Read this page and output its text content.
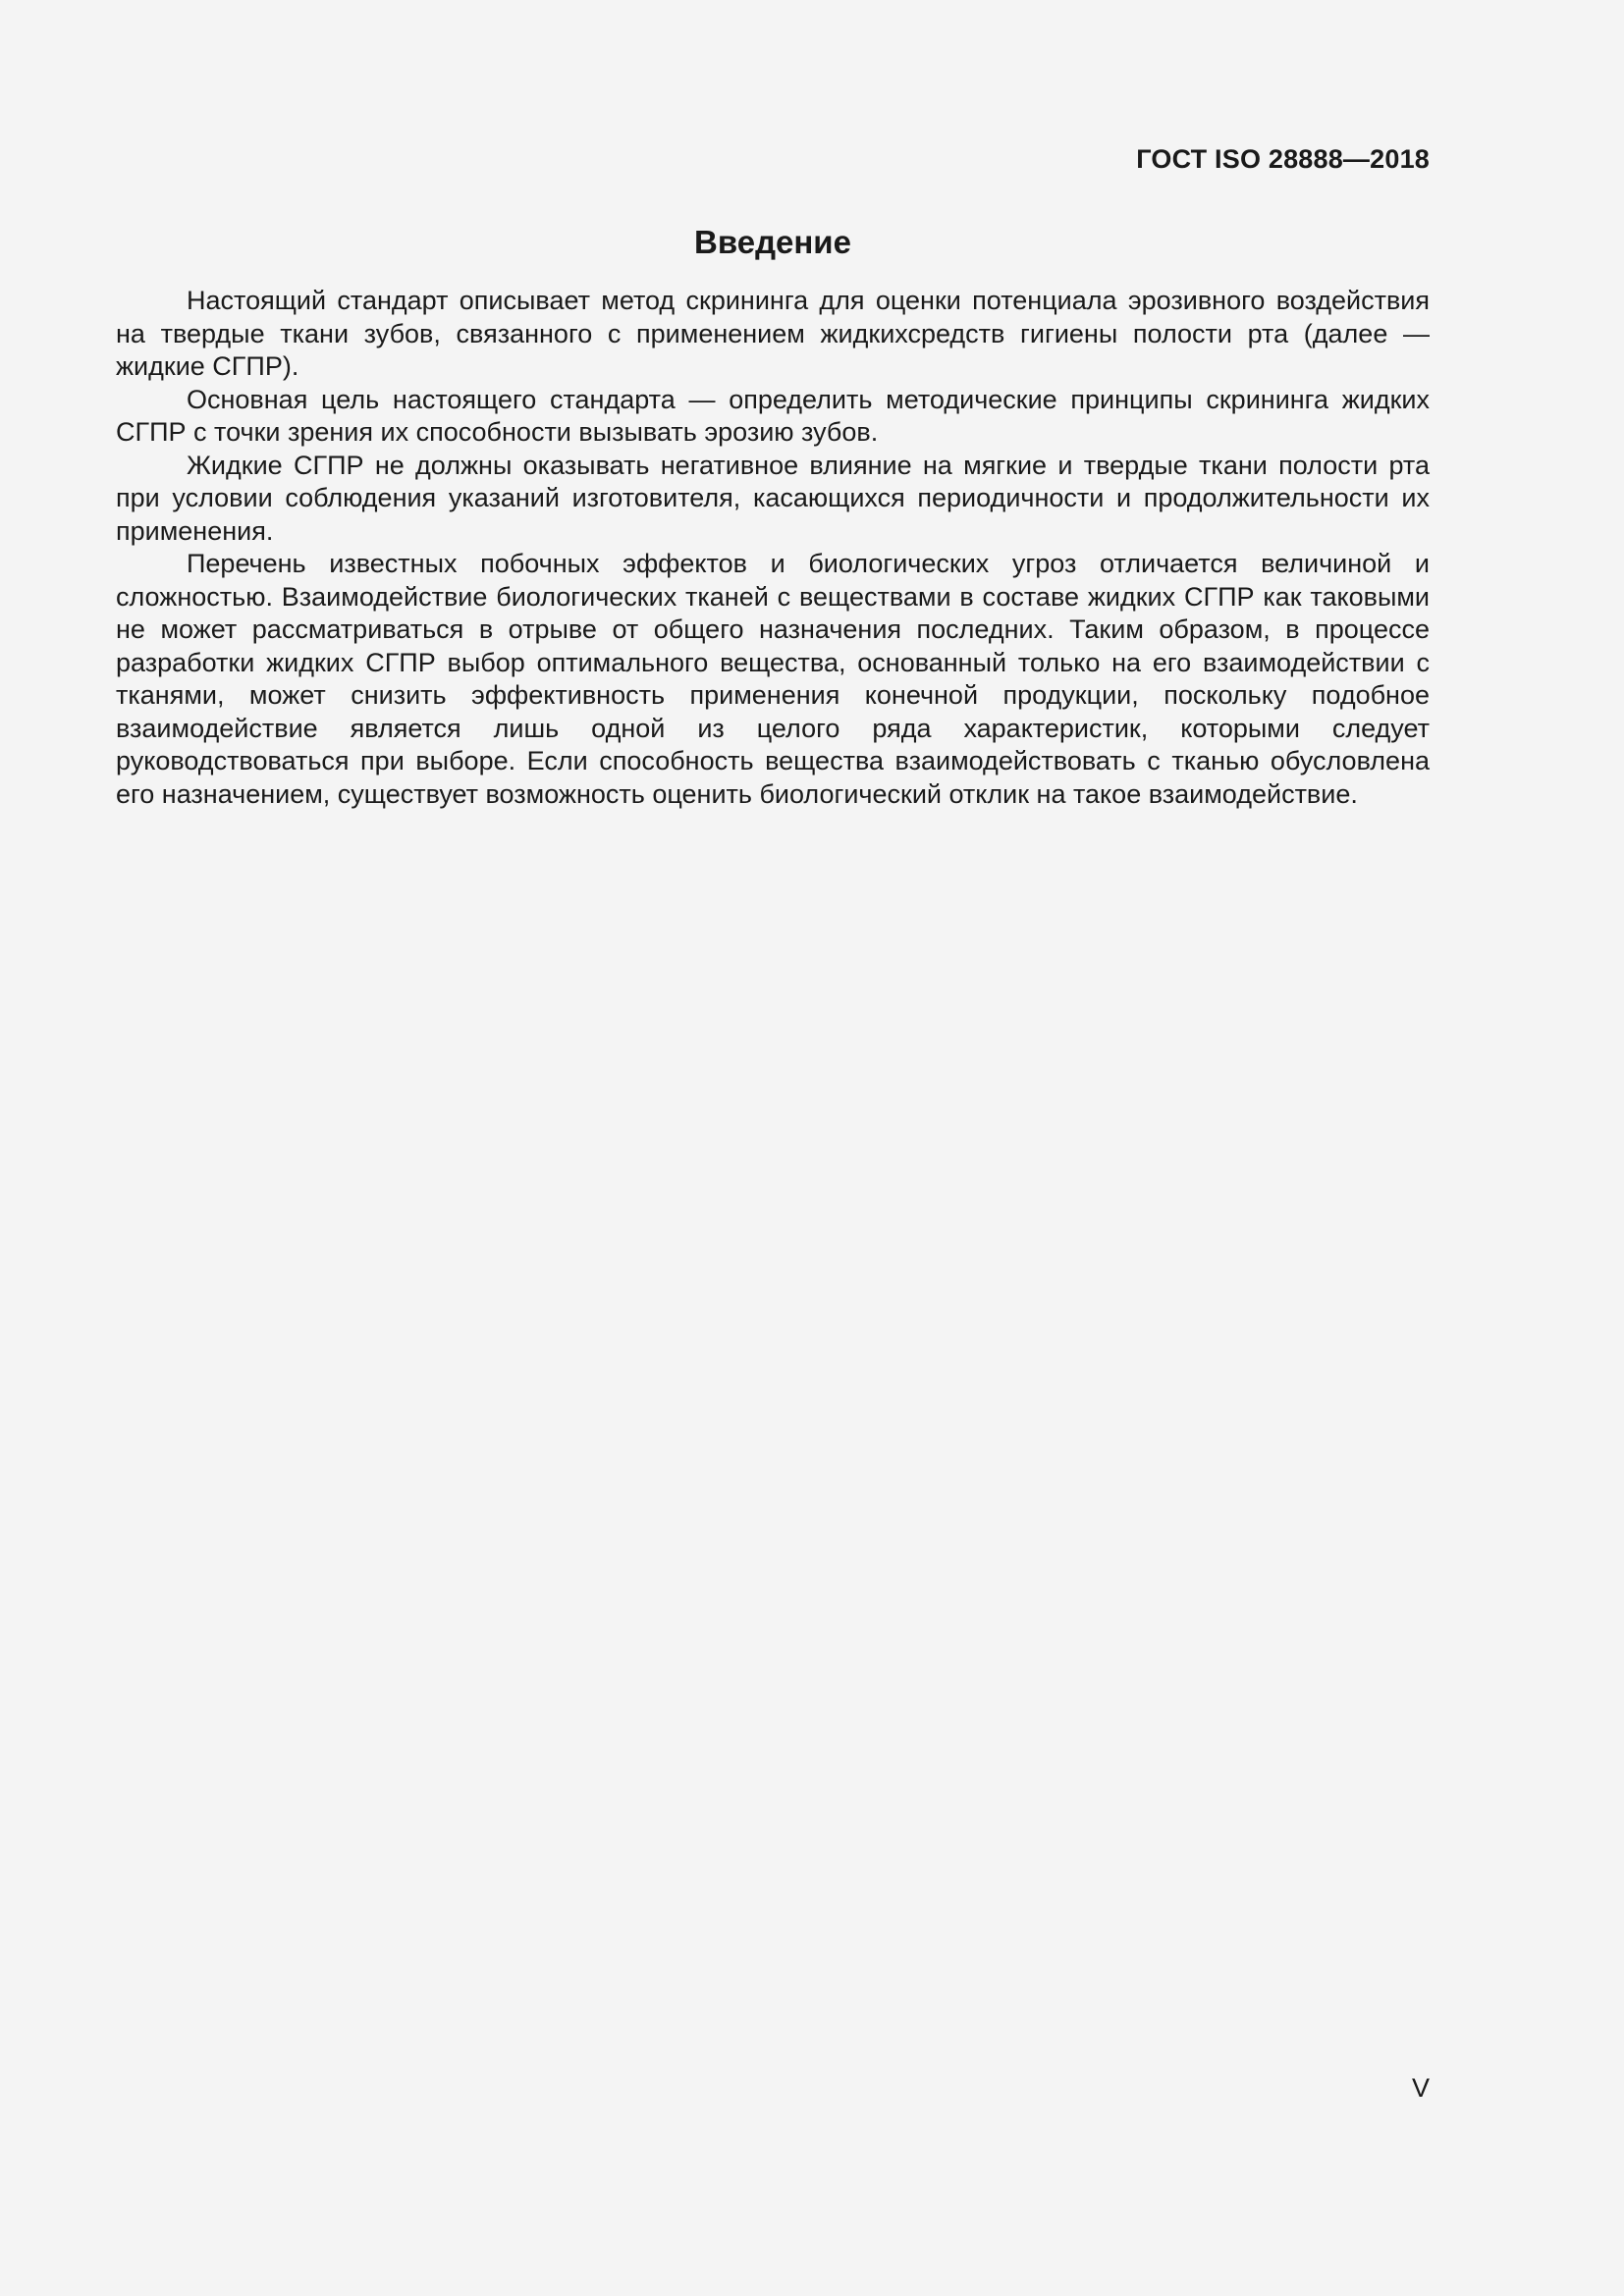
ГОСТ ISO 28888—2018
Введение

Настоящий стандарт описывает метод скрининга для оценки потенциала эрозивного воздействия на твердые ткани зубов, связанного с применением жидкихсредств гигиены полости рта (далее — жидкие СГПР).

Основная цель настоящего стандарта — определить методические принципы скрининга жидких СГПР с точки зрения их способности вызывать эрозию зубов.

Жидкие СГПР не должны оказывать негативное влияние на мягкие и твердые ткани полости рта при условии соблюдения указаний изготовителя, касающихся периодичности и продолжительности их применения.

Перечень известных побочных эффектов и биологических угроз отличается величиной и сложностью. Взаимодействие биологических тканей с веществами в составе жидких СГПР как таковыми не может рассматриваться в отрыве от общего назначения последних. Таким образом, в процессе разработки жидких СГПР выбор оптимального вещества, основанный только на его взаимодействии с тканями, может снизить эффективность применения конечной продукции, поскольку подобное взаимодействие является лишь одной из целого ряда характеристик, которыми следует руководствоваться при выборе. Если способность вещества взаимодействовать с тканью обусловлена его назначением, существует возможность оценить биологический отклик на такое взаимодействие.

V
